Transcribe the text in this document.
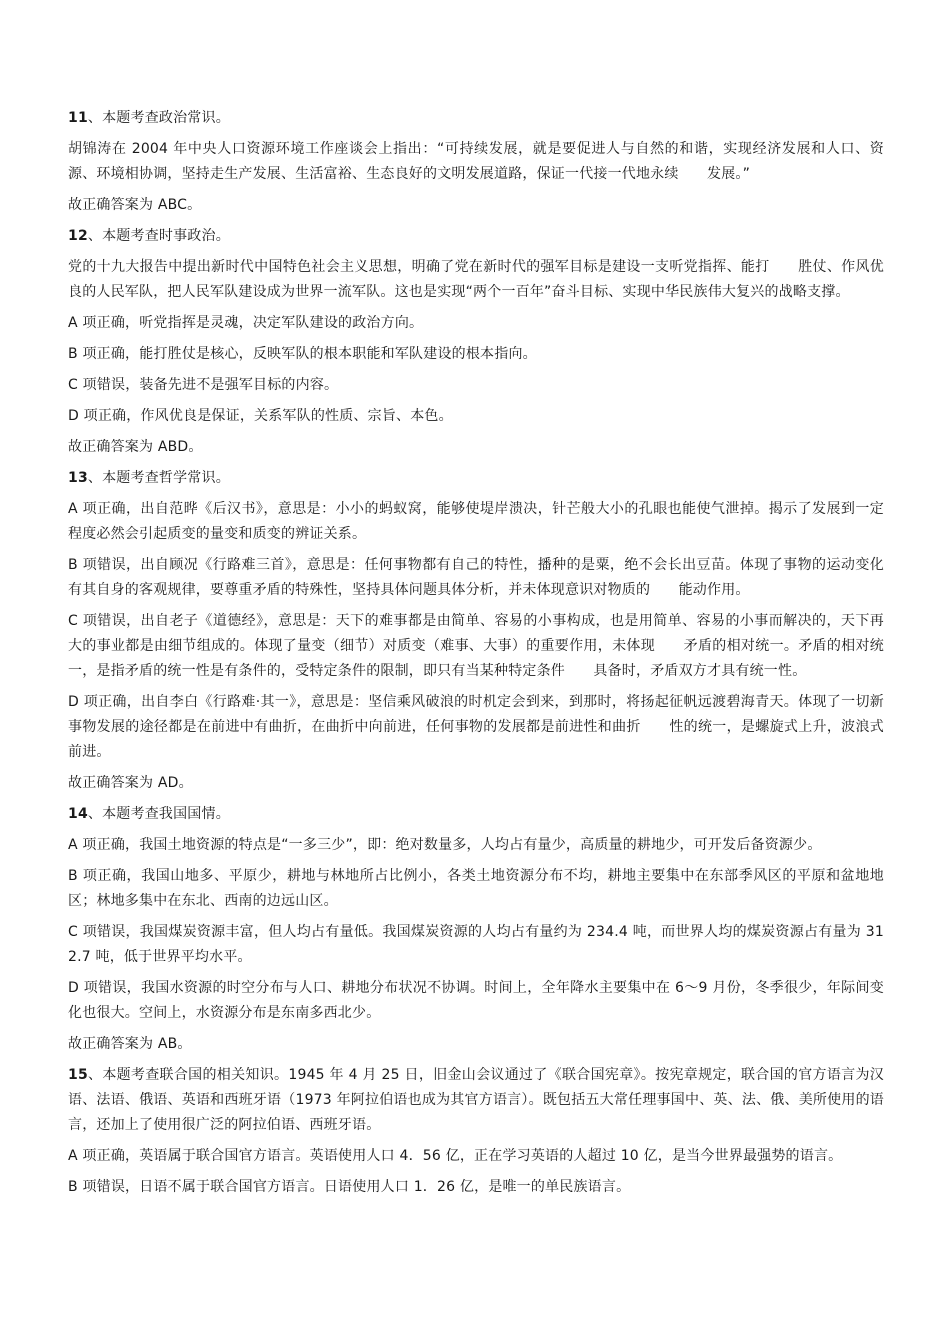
11、本题考查政治常识。

胡锦涛在 2004 年中央人口资源环境工作座谈会上指出：“可持续发展，就是要促进人与自然的和谐，实现经济发展和人口、资源、环境相协调，坚持走生产发展、生活富裕、生态良好的文明发展道路，保证一代接一代地永续　　发展。”

故正确答案为 ABC。

12、本题考查时事政治。

党的十九大报告中提出新时代中国特色社会主义思想，明确了党在新时代的强军目标是建设一支听党指挥、能打　　胜仗、作风优良的人民军队，把人民军队建设成为世界一流军队。这也是实现“两个一百年”奋斗目标、实现中华民族伟大复兴的战略支撑。

A 项正确，听党指挥是灵魂，决定军队建设的政治方向。

B 项正确，能打胜仗是核心，反映军队的根本职能和军队建设的根本指向。

C 项错误，装备先进不是强军目标的内容。

D 项正确，作风优良是保证，关系军队的性质、宗旨、本色。

故正确答案为 ABD。

13、本题考查哲学常识。

A 项正确，出自范晔《后汉书》，意思是：小小的蚂蚁窝，能够使堤岸溃决，针芒般大小的孔眼也能使气泄掉。揭示了发展到一定程度必然会引起质变的量变和质变的辨证关系。

B 项错误，出自顾况《行路难三首》，意思是：任何事物都有自己的特性，播种的是粟，绝不会长出豆苗。体现了事物的运动变化有其自身的客观规律，要尊重矛盾的特殊性，坚持具体问题具体分析，并未体现意识对物质的　　能动作用。

C 项错误，出自老子《道德经》，意思是：天下的难事都是由简单、容易的小事构成，也是用简单、容易的小事而解决的，天下再大的事业都是由细节组成的。体现了量变（细节）对质变（难事、大事）的重要作用，未体现　　矛盾的相对统一。矛盾的相对统一，是指矛盾的统一性是有条件的，受特定条件的限制，即只有当某种特定条件　　具备时，矛盾双方才具有统一性。

D 项正确，出自李白《行路难·其一》，意思是：坚信乘风破浪的时机定会到来，到那时，将扬起征帆远渡碧海青天。体现了一切新事物发展的途径都是在前进中有曲折，在曲折中向前进，任何事物的发展都是前进性和曲折　　性的统一，是螺旋式上升，波浪式前进。

故正确答案为 AD。

14、本题考查我国国情。

A 项正确，我国土地资源的特点是“一多三少”，即：绝对数量多，人均占有量少，高质量的耕地少，可开发后备资源少。

B 项正确，我国山地多、平原少，耕地与林地所占比例小，各类土地资源分布不均，耕地主要集中在东部季风区的平原和盆地地区；林地多集中在东北、西南的边远山区。

C 项错误，我国煤炭资源丰富，但人均占有量低。我国煤炭资源的人均占有量约为 234.4 吨，而世界人均的煤炭资源占有量为 312.7 吨，低于世界平均水平。

D 项错误，我国水资源的时空分布与人口、耕地分布状况不协调。时间上，全年降水主要集中在 6～9 月份，冬季很少，年际间变化也很大。空间上，水资源分布是东南多西北少。

故正确答案为 AB。

15、本题考查联合国的相关知识。1945 年 4 月 25 日，旧金山会议通过了《联合国宪章》。按宪章规定，联合国的官方语言为汉语、法语、俄语、英语和西班牙语（1973 年阿拉伯语也成为其官方语言）。既包括五大常任理事国中、英、法、俄、美所使用的语言，还加上了使用很广泛的阿拉伯语、西班牙语。

A 项正确，英语属于联合国官方语言。英语使用人口 4．56 亿，正在学习英语的人超过 10 亿，是当今世界最强势的语言。

B 项错误，日语不属于联合国官方语言。日语使用人口 1．26 亿，是唯一的单民族语言。
